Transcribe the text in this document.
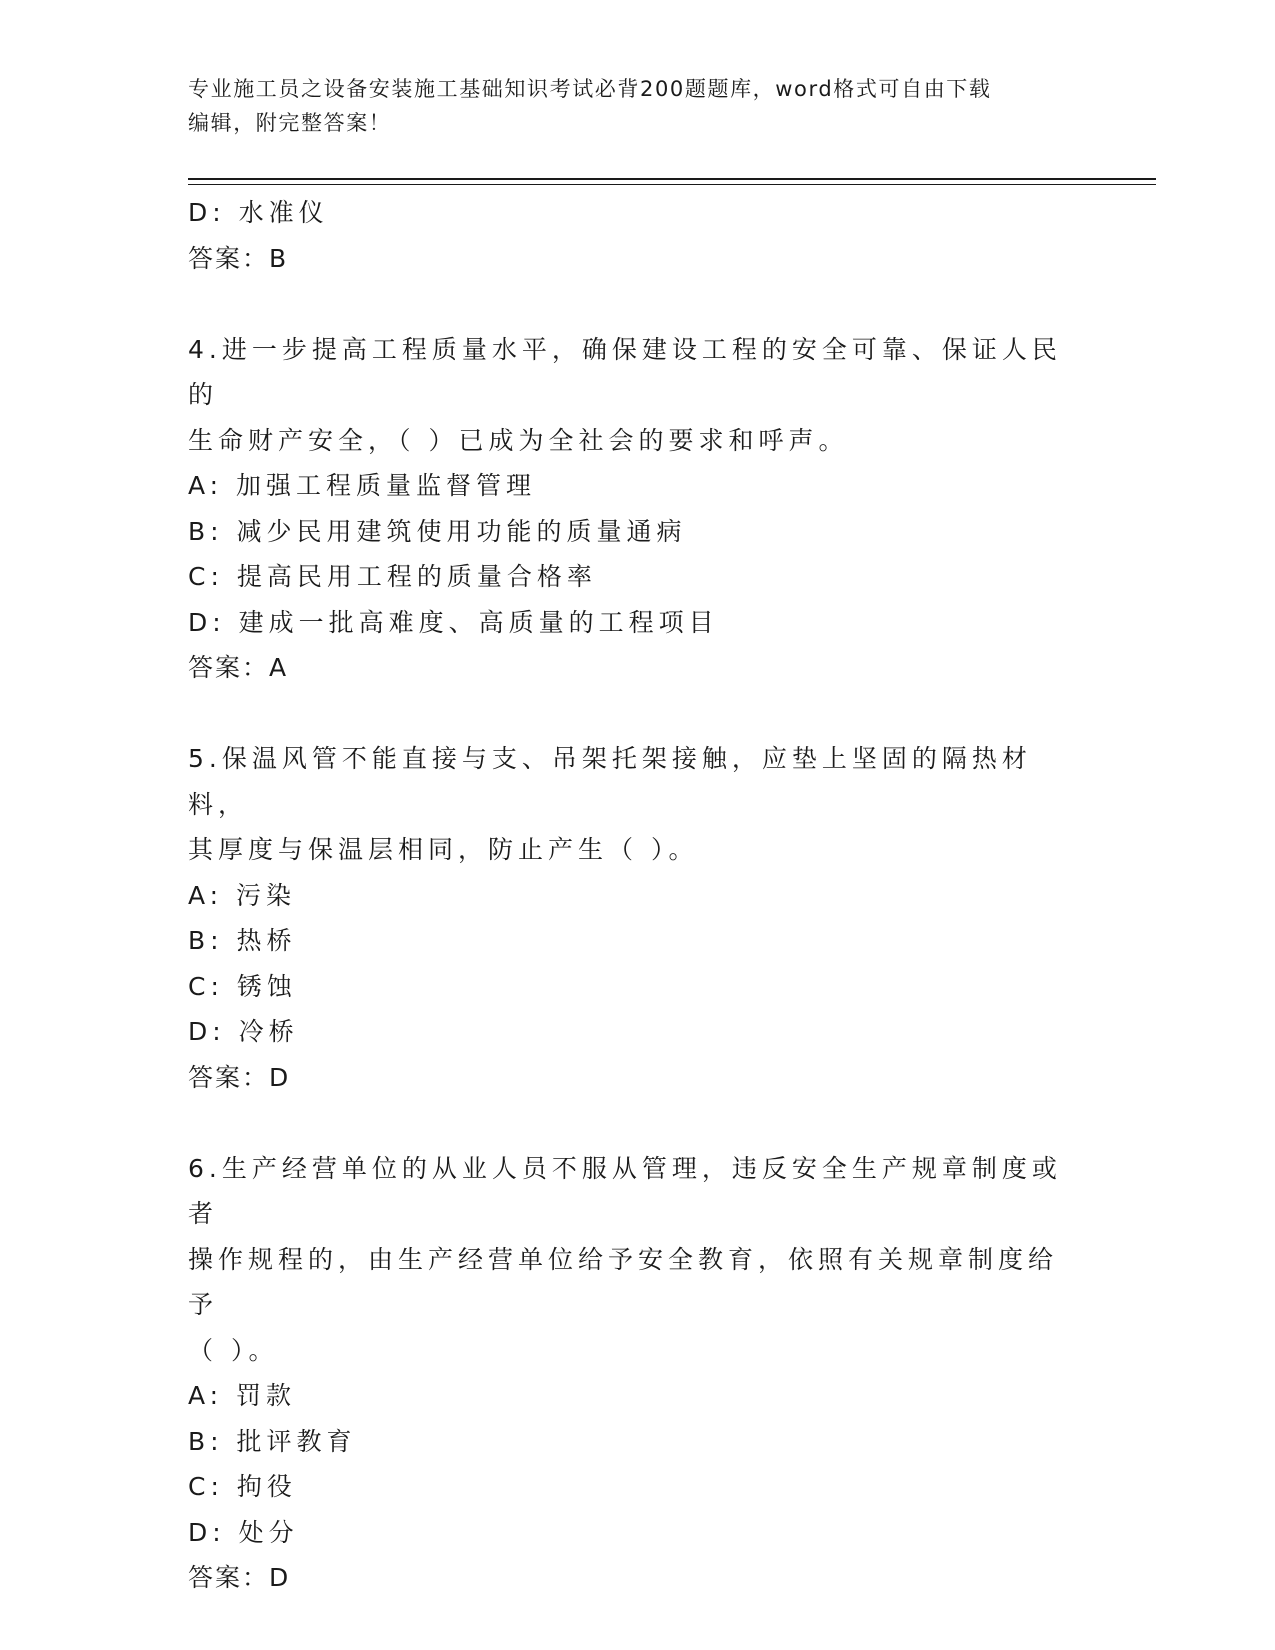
专业施工员之设备安装施工基础知识考试必背200题题库，word格式可自由下载
编辑，附完整答案！
D: 水准仪
答案：B
4.进一步提高工程质量水平，确保建设工程的安全可靠、保证人民的
生命财产安全，（ ）已成为全社会的要求和呼声。
A: 加强工程质量监督管理
B: 减少民用建筑使用功能的质量通病
C: 提高民用工程的质量合格率
D: 建成一批高难度、高质量的工程项目
答案：A
5.保温风管不能直接与支、吊架托架接触，应垫上坚固的隔热材料，
其厚度与保温层相同，防止产生（ ）。
A: 污染
B: 热桥
C: 锈蚀
D: 冷桥
答案：D
6.生产经营单位的从业人员不服从管理，违反安全生产规章制度或者
操作规程的，由生产经营单位给予安全教育，依照有关规章制度给予
（ ）。
A: 罚款
B: 批评教育
C: 拘役
D: 处分
答案：D
